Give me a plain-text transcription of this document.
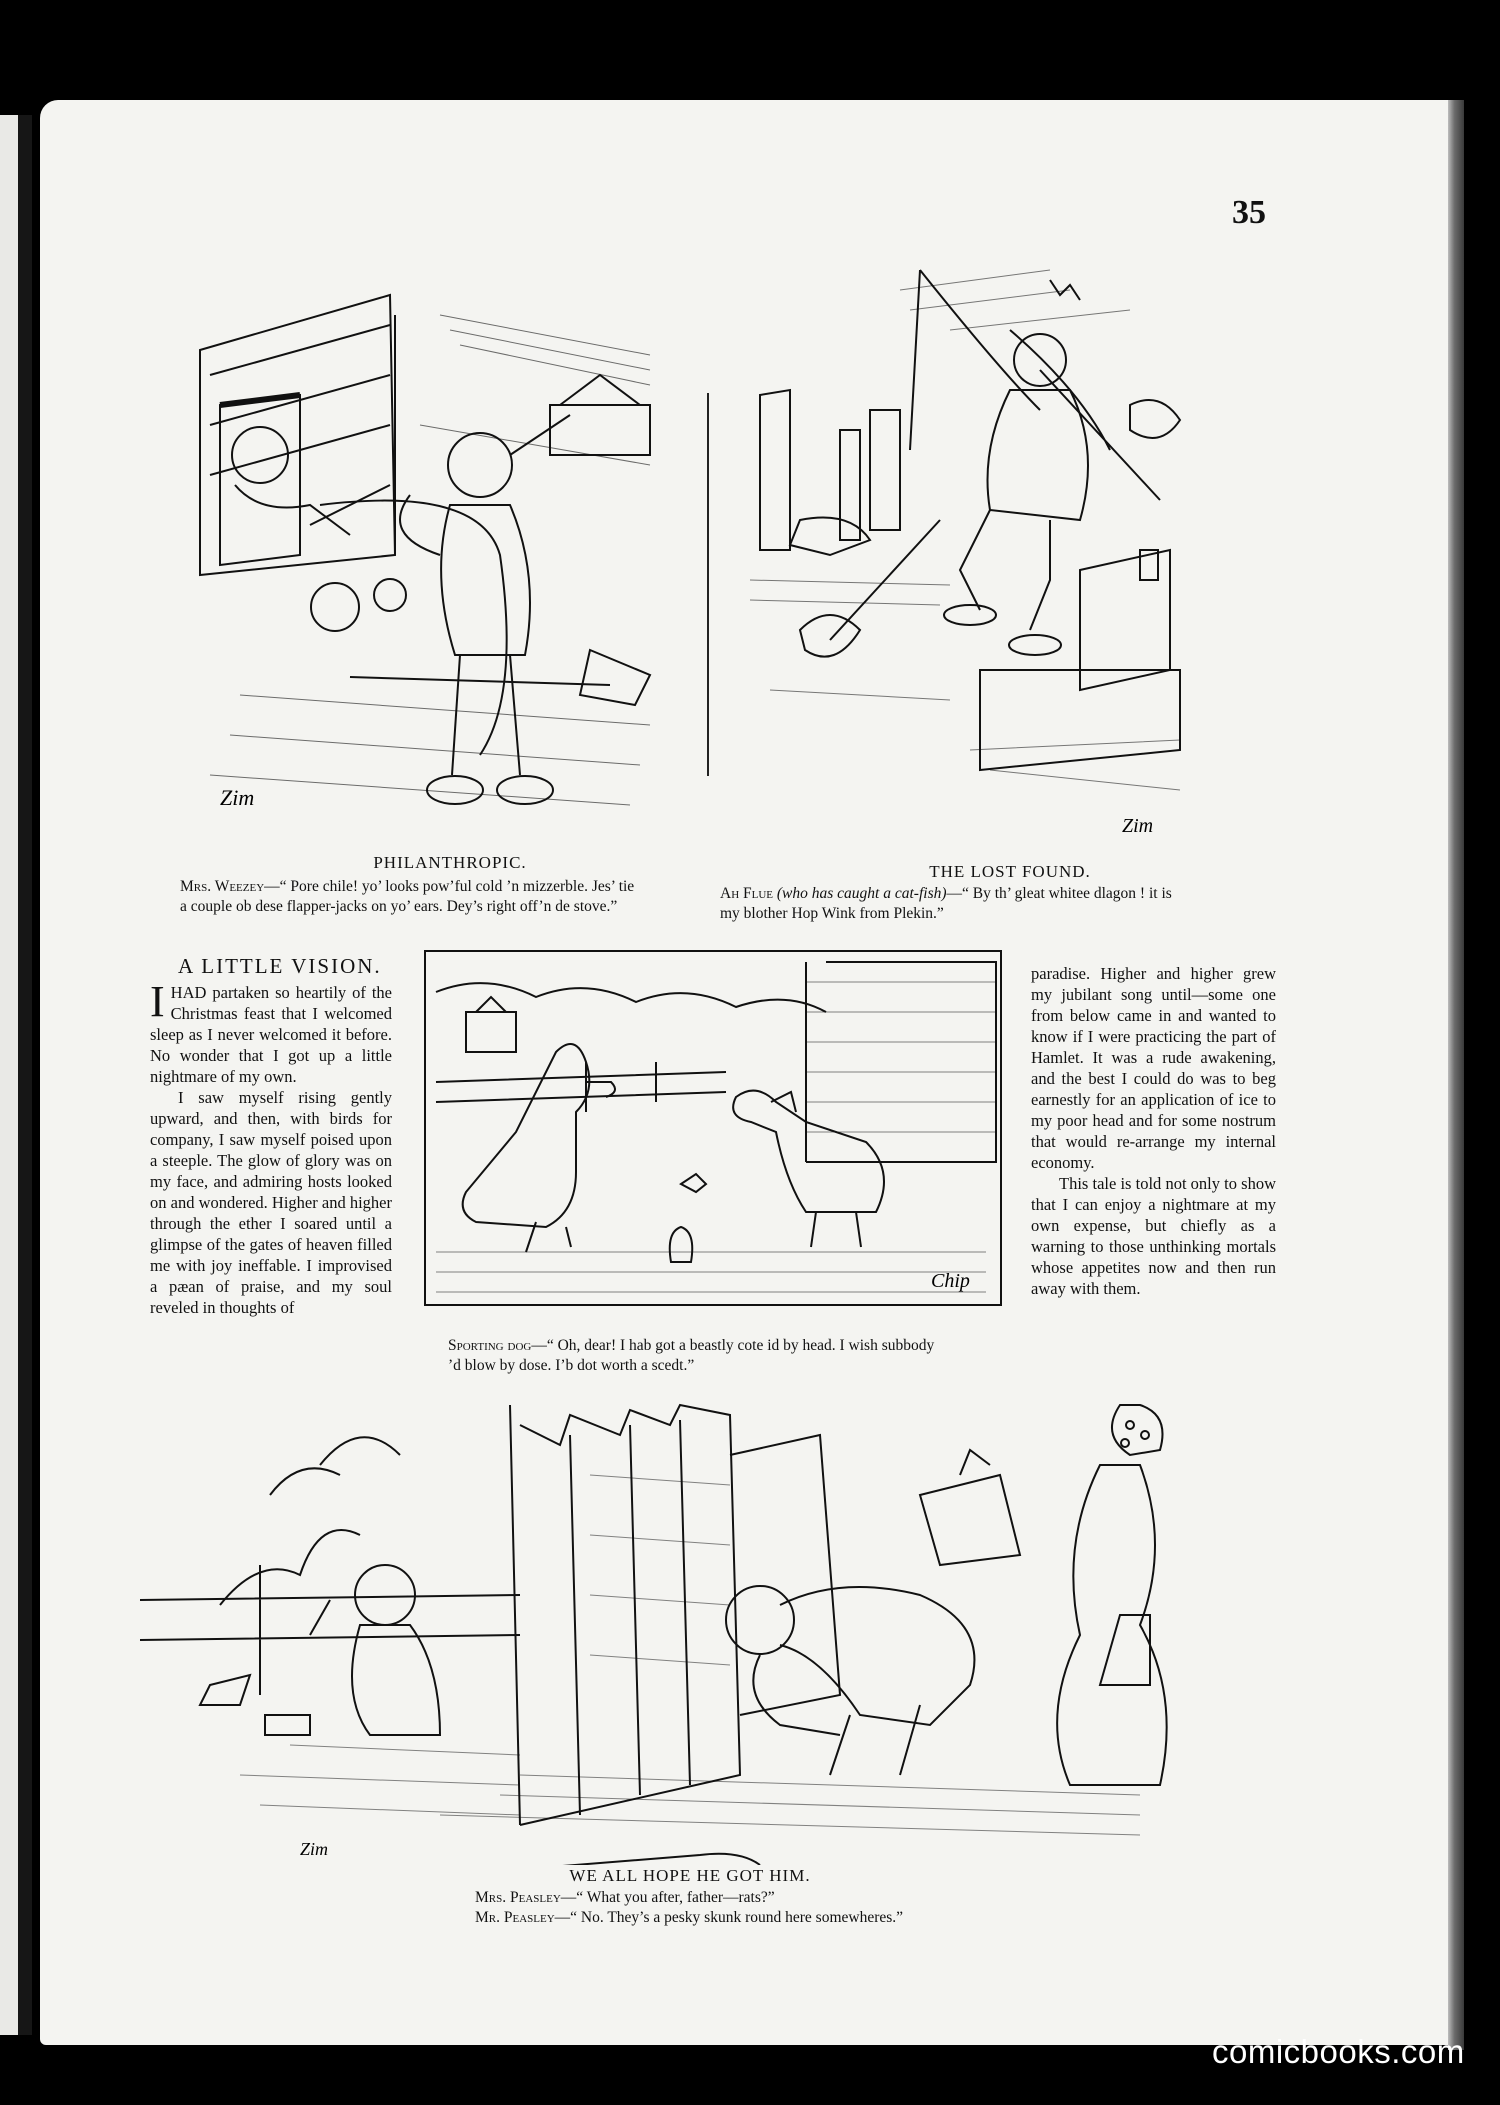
35
Zim
PHILANTHROPIC.
Mrs. Weezey—“ Pore chile! yo’ looks pow’ful cold ’n mizzerble. Jes’ tie
a couple ob dese flapper-jacks on yo’ ears. Dey’s right off’n de stove.”
Zim
THE LOST FOUND.
Ah Flue (who has caught a cat-fish)—“ By th’ gleat whitee dlagon ! it is
my blother Hop Wink from Plekin.”
A LITTLE VISION.

IHAD partaken so heartily of the Christmas feast that I welcomed sleep as I never welcomed it before. No wonder that I got up a little nightmare of my own.

I saw myself rising gently upward, and then, with birds for company, I saw myself poised upon a steeple. The glow of glory was on my face, and admiring hosts looked on and wondered. Higher and higher through the ether I soared until a glimpse of the gates of heaven filled me with joy ineffable. I improvised a pæan of praise, and my soul reveled in thoughts of

paradise. Higher and higher grew my jubilant song until—some one from below came in and wanted to know if I were practicing the part of Hamlet. It was a rude awakening, and the best I could do was to beg earnestly for an application of ice to my poor head and for some nostrum that would re-arrange my internal economy.

This tale is told not only to show that I can enjoy a nightmare at my own expense, but chiefly as a warning to those unthinking mortals whose appetites now and then run away with them.

Chip
Sporting dog—“ Oh, dear! I hab got a beastly cote id by head. I wish subbody
’d blow by dose. I’b dot worth a scedt.”
Zim
WE ALL HOPE HE GOT HIM.
Mrs. Peasley—“ What you after, father—rats?”
Mr. Peasley—“ No. They’s a pesky skunk round here somewheres.”
comicbooks.com
